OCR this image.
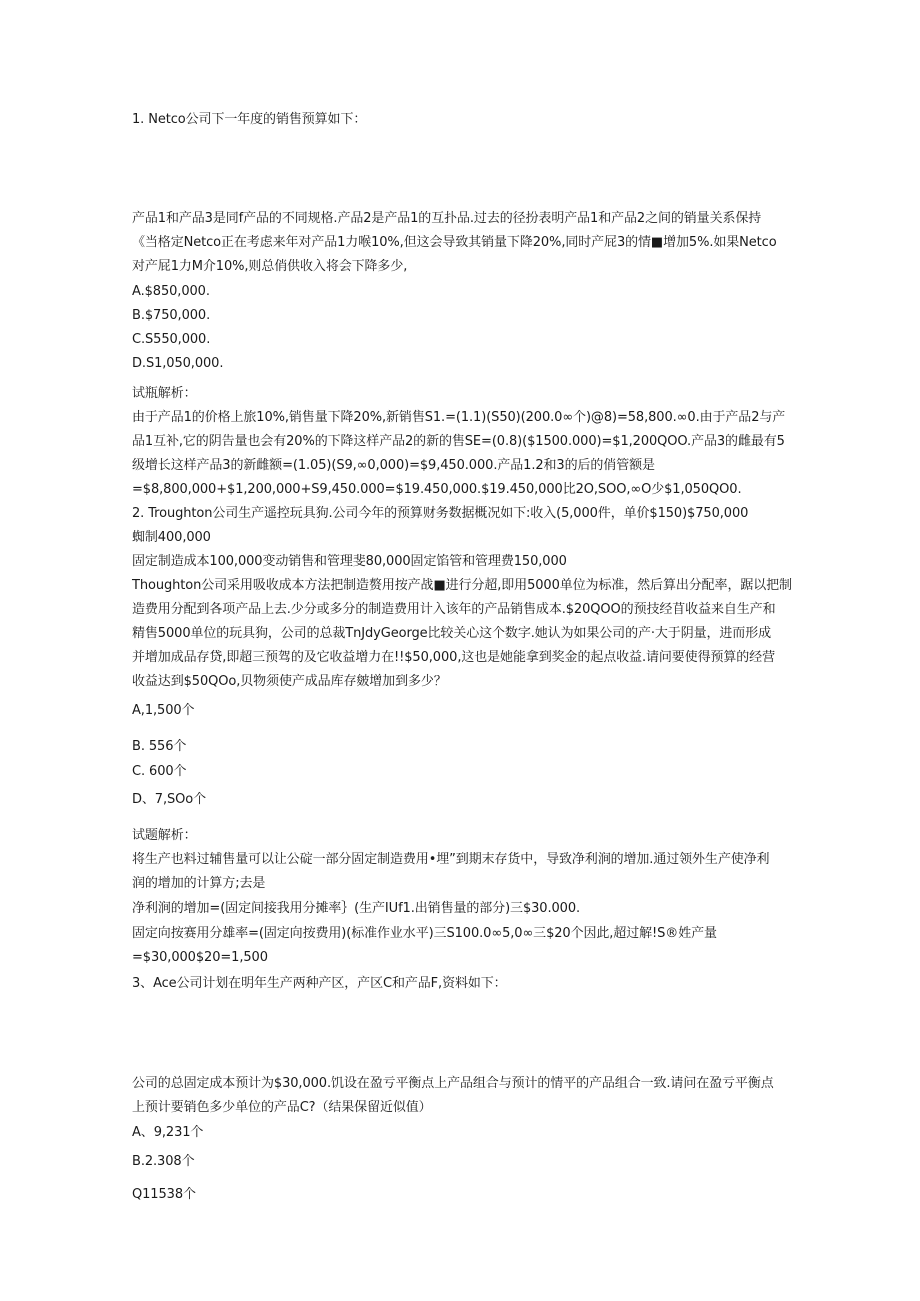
1. Netco公司下一年度的销售预算如下：
产品1和产品3是同f产品的不同规格.产品2是产品1的互扑品.过去的径扮表明产品1和产品2之间的销量关系保持
《当格定Netco正在考虑来年对产品1力喉10%,但这会导致其销量下降20%,同时产屁3的情■增加5%.如果Netco
对产屁1力M介10%,则总俏供收入将会下降多少,
A.$850,000.
B.$750,000.
C.S550,000.
D.S1,050,000.
试瓶解析：
由于产品1的价格上旅10%,销售量下降20%,新销售S1.=(1.1)(S50)(200.0∞个)@8)=58,800.∞0.由于产品2与产
品1互补,它的阴告量也会有20%的下降这样产品2的新的售SE=(0.8)($1500.000)=$1,200QOO.产品3的雌最有5
级增长这样产品3的新雌额=(1.05)(S9,∞0,000)=$9,450.000.产品1.2和3的后的俏管额是
=$8,800,000+$1,200,000+S9,450.000=$19.450,000.$19.450,000比2O,SOO,∞O少$1,050QO0.
2. Troughton公司生产遥控玩具狗.公司今年的预算财务数据概况如下:收入(5,000件，单价$150)$750,000
蜘制400,000
固定制造成本100,000变动销售和管理斐80,000固定馅管和管理费150,000
Thoughton公司采用吸收成本方法把制造赘用按产战■进行分超,即用5000单位为标准，然后算出分配率，踞以把制
造费用分配到各项产品上去.少分或多分的制造费用计入该年的产品销售成本.$20QOO的预技经苜收益来自生产和
精售5000单位的玩具狗，公司的总裁TnJdyGeorge比较关心这个数字.她认为如果公司的产·大于阴量，进而形成
并增加成品存贷,即超三预驾的及它收益增力在!!$50,000,这也是她能拿到奖金的起点收益.请问要使得预算的经营
收益达到$50QOo,贝物须使产成品库存皴增加到多少？
A,1,500个
B. 556个
C. 600个
D、7,SOo个
试题解析：
将生产也料过辅售量可以让公碇一部分固定制造费用•埋”到期末存货中，导致净利涧的增加.通过领外生产使净利
润的增加的计算方;去是
净利涧的增加=(固定间接我用分摊率｝(生产IUf1.出销售量的部分)三$30.000.
固定向按赛用分雄率=(固定向按费用)(标准作业水平)三S100.0∞5,0∞三$20个因此,超过解!S®姓产量
=$30,000$20=1,500
3、Ace公司计划在明年生产两种产区，产区C和产品F,资料如下：
公司的总固定成本预计为$30,000.饥设在盈亏平衡点上产品组合与预计的情平的产品组合一致.请问在盈亏平衡点
上预计要销色多少单位的产品C?（结果保留近似值）
A、9,231个
B.2.308个
Q11538个
